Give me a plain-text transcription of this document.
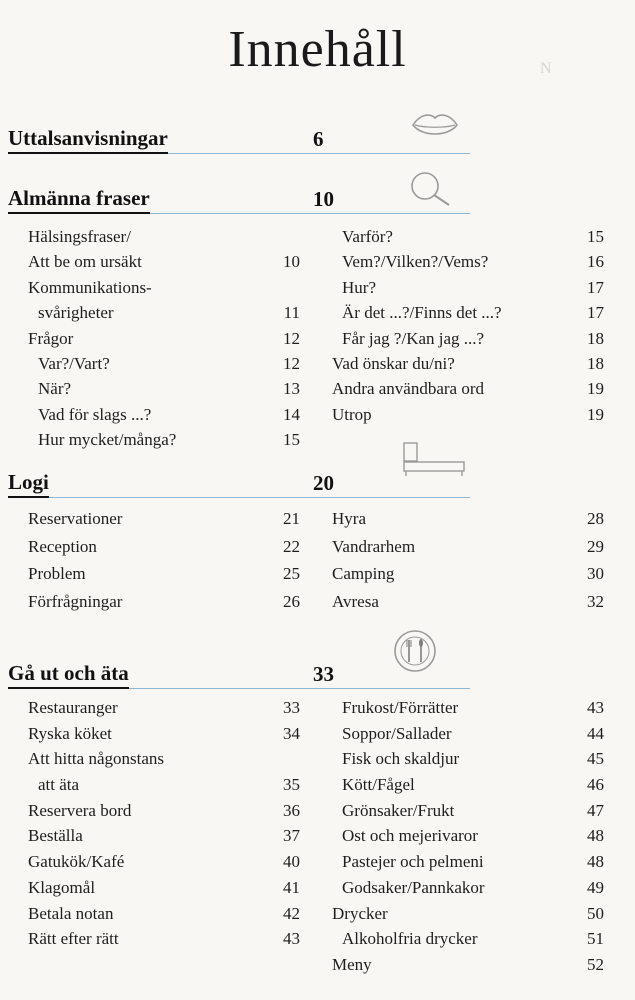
N
Innehåll
Uttalsanvisningar	6
Almänna fraser	10
Hälsingsfraser/
Att be om ursäkt	10
Kommunikations-
svårigheter	11
Frågor	12
Var?/Vart?	12
När?	13
Vad för slags ...?	14
Hur mycket/många?	15
Varför?	15
Vem?/Vilken?/Vems?	16
Hur?	17
Är det ...?/Finns det ...?	17
Får jag ?/Kan jag ...?	18
Vad önskar du/ni?	18
Andra användbara ord	19
Utrop	19
Logi	20
Reservationer	21
Reception	22
Problem	25
Förfrågningar	26
Hyra	28
Vandrarhem	29
Camping	30
Avresa	32
Gå ut och äta	33
Restauranger	33
Ryska köket	34
Att hitta någonstans
att äta	35
Reservera bord	36
Beställa	37
Gatukök/Kafé	40
Klagomål	41
Betala notan	42
Rätt efter rätt	43
Frukost/Förrätter	43
Soppor/Sallader	44
Fisk och skaldjur	45
Kött/Fågel	46
Grönsaker/Frukt	47
Ost och mejerivaror	48
Pastejer och pelmeni	48
Godsaker/Pannkakor	49
Drycker	50
Alkoholfria drycker	51
Meny	52
